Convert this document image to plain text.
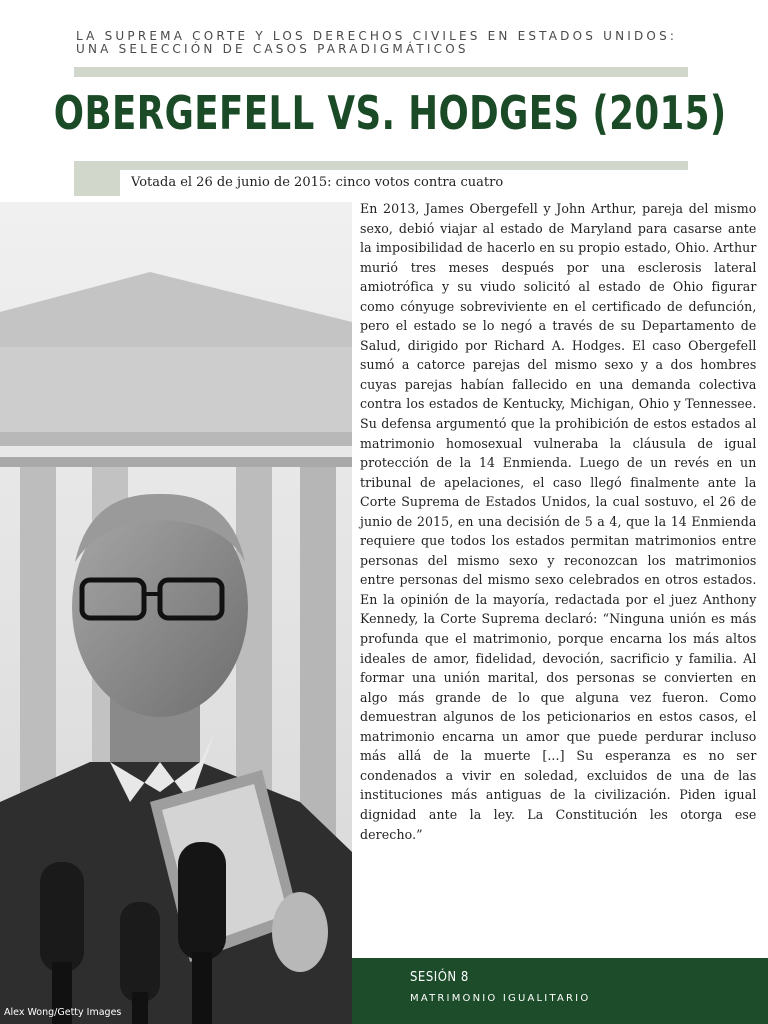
LA SUPREMA CORTE Y LOS DERECHOS CIVILES EN ESTADOS UNIDOS: UNA SELECCIÓN DE CASOS PARADIGMÁTICOS
OBERGEFELL VS. HODGES (2015)
Votada el 26 de junio de 2015: cinco votos contra cuatro
Alex Wong/Getty Images
En 2013, James Obergefell y John Arthur, pareja del mismo sexo, debió viajar al estado de Maryland para casarse ante la imposibilidad de hacerlo en su propio estado, Ohio. Arthur murió tres meses después por una esclerosis lateral amiotrófica y su viudo solicitó al estado de Ohio figurar como cónyuge sobreviviente en el certificado de defunción, pero el estado se lo negó a través de su Departamento de Salud, dirigido por Richard A. Hodges. El caso Obergefell sumó a catorce parejas del mismo sexo y a dos hombres cuyas parejas habían fallecido en una demanda colectiva contra los estados de Kentucky, Michigan, Ohio y Tennessee. Su defensa argumentó que la prohibición de estos estados al matrimonio homosexual vulneraba la cláusula de igual protección de la 14 Enmienda. Luego de un revés en un tribunal de apelaciones, el caso llegó finalmente ante la Corte Suprema de Estados Unidos, la cual sostuvo, el 26 de junio de 2015, en una decisión de 5 a 4, que la 14 Enmienda requiere que todos los estados permitan matrimonios entre personas del mismo sexo y reconozcan los matrimonios entre personas del mismo sexo celebrados en otros estados. En la opinión de la mayoría, redactada por el juez Anthony Kennedy, la Corte Suprema declaró: “Ninguna unión es más profunda que el matrimonio, porque encarna los más altos ideales de amor, fidelidad, devoción, sacrificio y familia. Al formar una unión marital, dos personas se convierten en algo más grande de lo que alguna vez fueron. Como demuestran algunos de los peticionarios en estos casos, el matrimonio encarna un amor que puede perdurar incluso más allá de la muerte [...] Su esperanza es no ser condenados a vivir en soledad, excluidos de una de las instituciones más antiguas de la civilización. Piden igual dignidad ante la ley. La Constitución les otorga ese derecho.”
SESIÓN 8
MATRIMONIO IGUALITARIO
